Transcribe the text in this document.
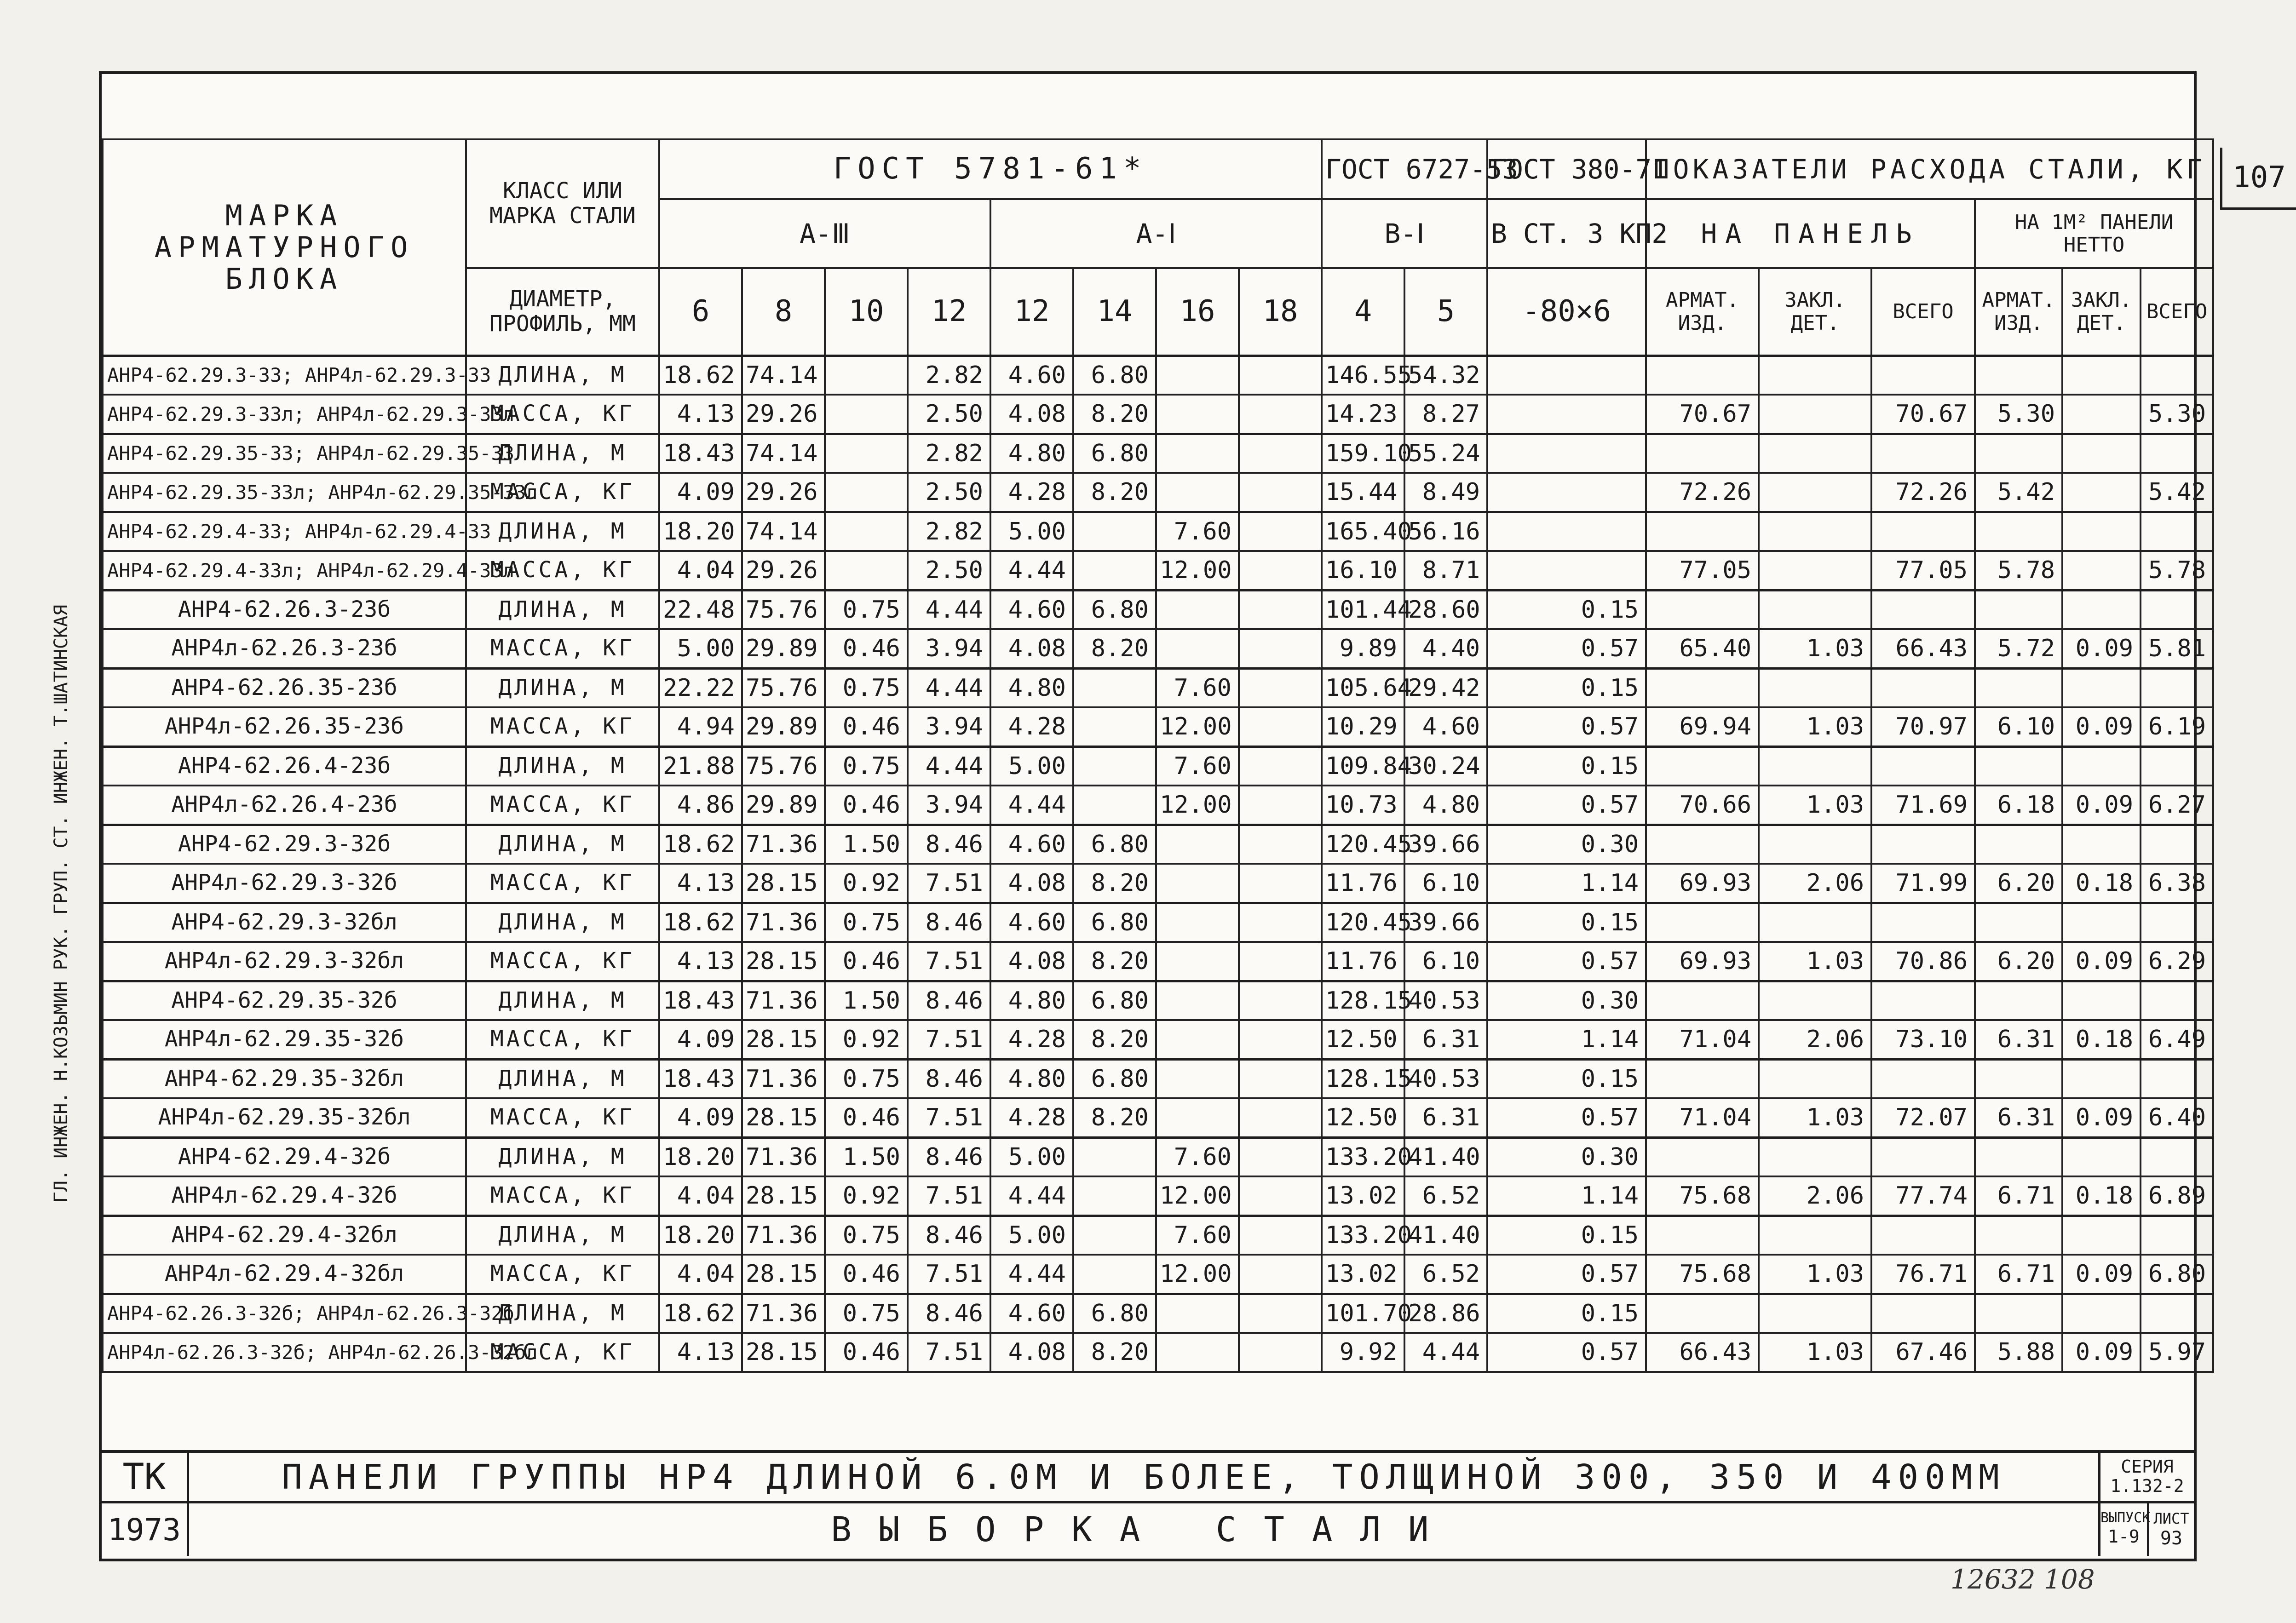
107
МАРКА АРМАТУРНОГО БЛОКА	КЛАСС ИЛИ МАРКА СТАЛИ	ГОСТ 5781-61*								ГОСТ 6727-53		ГОСТ 380-71	ПОКАЗАТЕЛИ РАСХОДА СТАЛИ, КГ					
		А-Ⅲ				А-Ⅰ				В-Ⅰ		В СТ. 3 КП2	НА ПАНЕЛЬ			НА 1М² ПАНЕЛИ НЕТТО		
	ДИАМЕТР, ПРОФИЛЬ, ММ	6	8	10	12	12	14	16	18	4	5	-80×6	АРМАТ. ИЗД.	ЗАКЛ. ДЕТ.	ВСЕГО	АРМАТ. ИЗД.	ЗАКЛ. ДЕТ.	ВСЕГО
АНР4-62.29.3-33; АНР4л-62.29.3-33	ДЛИНА, М	18.62	74.14		2.82	4.60	6.80			146.55	54.32							
АНР4-62.29.3-33л; АНР4л-62.29.3-33л	МАССА, КГ	4.13	29.26		2.50	4.08	8.20			14.23	8.27		70.67		70.67	5.30		5.30
АНР4-62.29.35-33; АНР4л-62.29.35-33	ДЛИНА, М	18.43	74.14		2.82	4.80	6.80			159.10	55.24							
АНР4-62.29.35-33л; АНР4л-62.29.35-33л	МАССА, КГ	4.09	29.26		2.50	4.28	8.20			15.44	8.49		72.26		72.26	5.42		5.42
АНР4-62.29.4-33; АНР4л-62.29.4-33	ДЛИНА, М	18.20	74.14		2.82	5.00		7.60		165.40	56.16							
АНР4-62.29.4-33л; АНР4л-62.29.4-33л	МАССА, КГ	4.04	29.26		2.50	4.44		12.00		16.10	8.71		77.05		77.05	5.78		5.78
АНР4-62.26.3-23б	ДЛИНА, М	22.48	75.76	0.75	4.44	4.60	6.80			101.44	28.60	0.15						
АНР4л-62.26.3-23б	МАССА, КГ	5.00	29.89	0.46	3.94	4.08	8.20			9.89	4.40	0.57	65.40	1.03	66.43	5.72	0.09	5.81
АНР4-62.26.35-23б	ДЛИНА, М	22.22	75.76	0.75	4.44	4.80		7.60		105.64	29.42	0.15						
АНР4л-62.26.35-23б	МАССА, КГ	4.94	29.89	0.46	3.94	4.28		12.00		10.29	4.60	0.57	69.94	1.03	70.97	6.10	0.09	6.19
АНР4-62.26.4-23б	ДЛИНА, М	21.88	75.76	0.75	4.44	5.00		7.60		109.84	30.24	0.15						
АНР4л-62.26.4-23б	МАССА, КГ	4.86	29.89	0.46	3.94	4.44		12.00		10.73	4.80	0.57	70.66	1.03	71.69	6.18	0.09	6.27
АНР4-62.29.3-32б	ДЛИНА, М	18.62	71.36	1.50	8.46	4.60	6.80			120.45	39.66	0.30						
АНР4л-62.29.3-32б	МАССА, КГ	4.13	28.15	0.92	7.51	4.08	8.20			11.76	6.10	1.14	69.93	2.06	71.99	6.20	0.18	6.38
АНР4-62.29.3-32бл	ДЛИНА, М	18.62	71.36	0.75	8.46	4.60	6.80			120.45	39.66	0.15						
АНР4л-62.29.3-32бл	МАССА, КГ	4.13	28.15	0.46	7.51	4.08	8.20			11.76	6.10	0.57	69.93	1.03	70.86	6.20	0.09	6.29
АНР4-62.29.35-32б	ДЛИНА, М	18.43	71.36	1.50	8.46	4.80	6.80			128.15	40.53	0.30						
АНР4л-62.29.35-32б	МАССА, КГ	4.09	28.15	0.92	7.51	4.28	8.20			12.50	6.31	1.14	71.04	2.06	73.10	6.31	0.18	6.49
АНР4-62.29.35-32бл	ДЛИНА, М	18.43	71.36	0.75	8.46	4.80	6.80			128.15	40.53	0.15						
АНР4л-62.29.35-32бл	МАССА, КГ	4.09	28.15	0.46	7.51	4.28	8.20			12.50	6.31	0.57	71.04	1.03	72.07	6.31	0.09	6.40
АНР4-62.29.4-32б	ДЛИНА, М	18.20	71.36	1.50	8.46	5.00		7.60		133.20	41.40	0.30						
АНР4л-62.29.4-32б	МАССА, КГ	4.04	28.15	0.92	7.51	4.44		12.00		13.02	6.52	1.14	75.68	2.06	77.74	6.71	0.18	6.89
АНР4-62.29.4-32бл	ДЛИНА, М	18.20	71.36	0.75	8.46	5.00		7.60		133.20	41.40	0.15						
АНР4л-62.29.4-32бл	МАССА, КГ	4.04	28.15	0.46	7.51	4.44		12.00		13.02	6.52	0.57	75.68	1.03	76.71	6.71	0.09	6.80
АНР4-62.26.3-32б; АНР4л-62.26.3-32б	ДЛИНА, М	18.62	71.36	0.75	8.46	4.60	6.80			101.70	28.86	0.15						
АНР4л-62.26.3-32б; АНР4л-62.26.3-32бл	МАССА, КГ	4.13	28.15	0.46	7.51	4.08	8.20			9.92	4.44	0.57	66.43	1.03	67.46	5.88	0.09	5.97
ТК
1973
ПАНЕЛИ ГРУППЫ НР4 ДЛИНОЙ 6.0М И БОЛЕЕ, ТОЛЩИНОЙ 300, 350 И 400ММ
ВЫБОРКА СТАЛИ
СЕРИЯ
1.132-2
ВЫПУСК
1-9
ЛИСТ
93
ГЛ. ИНЖЕН. Н.КОЗЬМИН РУК. ГРУП. СТ. ИНЖЕН. Т.ШАТИНСКАЯ
12632 108
